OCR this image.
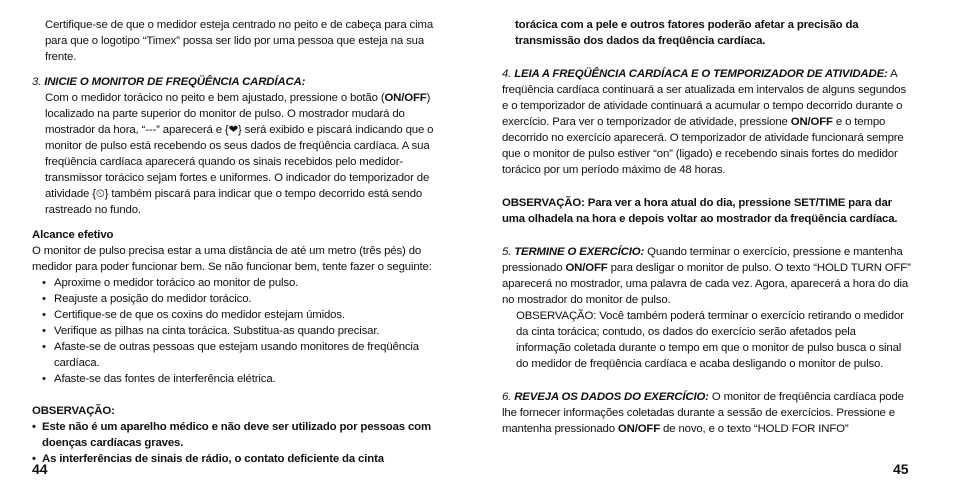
Certifique-se de que o medidor esteja centrado no peito e de cabeça para cima para que o logotipo “Timex” possa ser lido por uma pessoa que esteja na sua frente.

3. INICIE O MONITOR DE FREQÜÊNCIA CARDÍACA:

Com o medidor torácico no peito e bem ajustado, pressione o botão (ON/OFF) localizado na parte superior do monitor de pulso. O mostrador mudará do mostrador da hora, “---” aparecerá e {❤} será exibido e piscará indicando que o monitor de pulso está recebendo os seus dados de freqüência cardíaca. A sua freqüência cardíaca aparecerá quando os sinais recebidos pelo medidor-transmissor torácico sejam fortes e uniformes. O indicador do temporizador de atividade {⏲} também piscará para indicar que o tempo decorrido está sendo rastreado no fundo.

Alcance efetivo

O monitor de pulso precisa estar a uma distância de até um metro (três pés) do medidor para poder funcionar bem. Se não funcionar bem, tente fazer o seguinte:

• Aproxime o medidor torácico ao monitor de pulso.
• Reajuste a posição do medidor torácico.
• Certifique-se de que os coxins do medidor estejam úmidos.
• Verifique as pilhas na cinta torácica. Substitua-as quando precisar.
• Afaste-se de outras pessoas que estejam usando monitores de freqüência cardíaca.
• Afaste-se das fontes de interferência elétrica.

OBSERVAÇÃO:

• Este não é um aparelho médico e não deve ser utilizado por pessoas com doenças cardíacas graves.
• As interferências de sinais de rádio, o contato deficiente da cinta
44

torácica com a pele e outros fatores poderão afetar a precisão da transmissão dos dados da freqüência cardíaca.

4. LEIA A FREQÜÊNCIA CARDÍACA E O TEMPORIZADOR DE ATIVIDADE: A freqüência cardíaca continuará a ser atualizada em intervalos de alguns segundos e o temporizador de atividade continuará a acumular o tempo decorrido durante o exercício. Para ver o temporizador de atividade, pressione ON/OFF e o tempo decorrido no exercício aparecerá. O temporizador de atividade funcionará sempre que o monitor de pulso estiver “on” (ligado) e recebendo sinais fortes do medidor torácico por um período máximo de 48 horas.

OBSERVAÇÃO: Para ver a hora atual do dia, pressione SET/TIME para dar uma olhadela na hora e depois voltar ao mostrador da freqüência cardíaca.

5. TERMINE O EXERCÍCIO: Quando terminar o exercício, pressione e mantenha pressionado ON/OFF para desligar o monitor de pulso. O texto “HOLD TURN OFF” aparecerá no mostrador, uma palavra de cada vez. Agora, aparecerá a hora do dia no mostrador do monitor de pulso.

OBSERVAÇÃO: Você também poderá terminar o exercício retirando o medidor da cinta torácica; contudo, os dados do exercício serão afetados pela informação coletada durante o tempo em que o monitor de pulso busca o sinal do medidor de freqüência cardíaca e acaba desligando o monitor de pulso.

6. REVEJA OS DADOS DO EXERCÍCIO: O monitor de freqüência cardíaca pode lhe fornecer informações coletadas durante a sessão de exercícios. Pressione e mantenha pressionado ON/OFF de novo, e o texto “HOLD FOR INFO”

45
